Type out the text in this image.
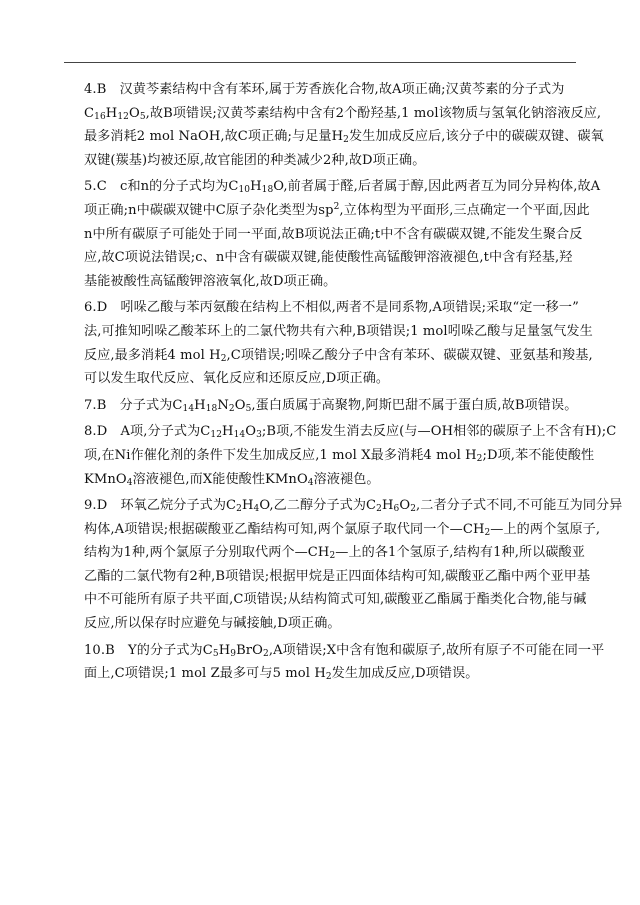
4.B　汉黄芩素结构中含有苯环,属于芳香族化合物,故A项正确;汉黄芩素的分子式为
$C_{16}H_{12}O_5$,故B项错误;汉黄芩素结构中含有2个酚羟基,1 mol该物质与氢氧化钠溶液反应,
最多消耗2 mol NaOH,故C项正确;与足量$H_2$发生加成反应后,该分子中的碳碳双键、碳氧
双键(羰基)均被还原,故官能团的种类减少2种,故D项正确。
5.C　c和n的分子式均为$C_{10}H_{18}O$,前者属于醛,后者属于醇,因此两者互为同分异构体,故A
项正确;n中碳碳双键中C原子杂化类型为$sp^2$,立体构型为平面形,三点确定一个平面,因此
n中所有碳原子可能处于同一平面,故B项说法正确;t中不含有碳碳双键,不能发生聚合反
应,故C项说法错误;c、n中含有碳碳双键,能使酸性高锰酸钾溶液褪色,t中含有羟基,羟
基能被酸性高锰酸钾溶液氧化,故D项正确。
6.D　吲哚乙酸与苯丙氨酸在结构上不相似,两者不是同系物,A项错误;采取“定一移一”
法,可推知吲哚乙酸苯环上的二氯代物共有六种,B项错误;1 mol吲哚乙酸与足量氢气发生
反应,最多消耗4 mol $H_2,C$项错误;吲哚乙酸分子中含有苯环、碳碳双键、亚氨基和羧基,
可以发生取代反应、氧化反应和还原反应,D项正确。
7.B　分子式为$C_{14}H_{18}N_2O_5$,蛋白质属于高聚物,阿斯巴甜不属于蛋白质,故B项错误。
8.D　A项,分子式为$C_{12}H_{14}O_3;B$项,不能发生消去反应(与—OH相邻的碳原子上不含有H);C
项,在Ni作催化剂的条件下发生加成反应,1 mol X最多消耗4 mol $H_2;D$项,苯不能使酸性
KMnO$_4$溶液褪色,而X能使酸性KMnO$_4$溶液褪色。
9.D　环氧乙烷分子式为$C_2H_4O$,乙二醇分子式为$C_2H_6O_2$,二者分子式不同,不可能互为同分异
构体,A项错误;根据碳酸亚乙酯结构可知,两个氯原子取代同一个$—CH_2—$上的两个氢原子,
结构为1种,两个氯原子分别取代两个$—CH_2—$上的各1个氢原子,结构有1种,所以碳酸亚
乙酯的二氯代物有2种,B项错误;根据甲烷是正四面体结构可知,碳酸亚乙酯中两个亚甲基
中不可能所有原子共平面,C项错误;从结构简式可知,碳酸亚乙酯属于酯类化合物,能与碱
反应,所以保存时应避免与碱接触,D项正确。
10.B　Y的分子式为$C_5H_9BrO_2,A$项错误;X中含有饱和碳原子,故所有原子不可能在同一平
面上,C项错误;1 mol Z最多可与5 mol $H_2$发生加成反应,D项错误。
